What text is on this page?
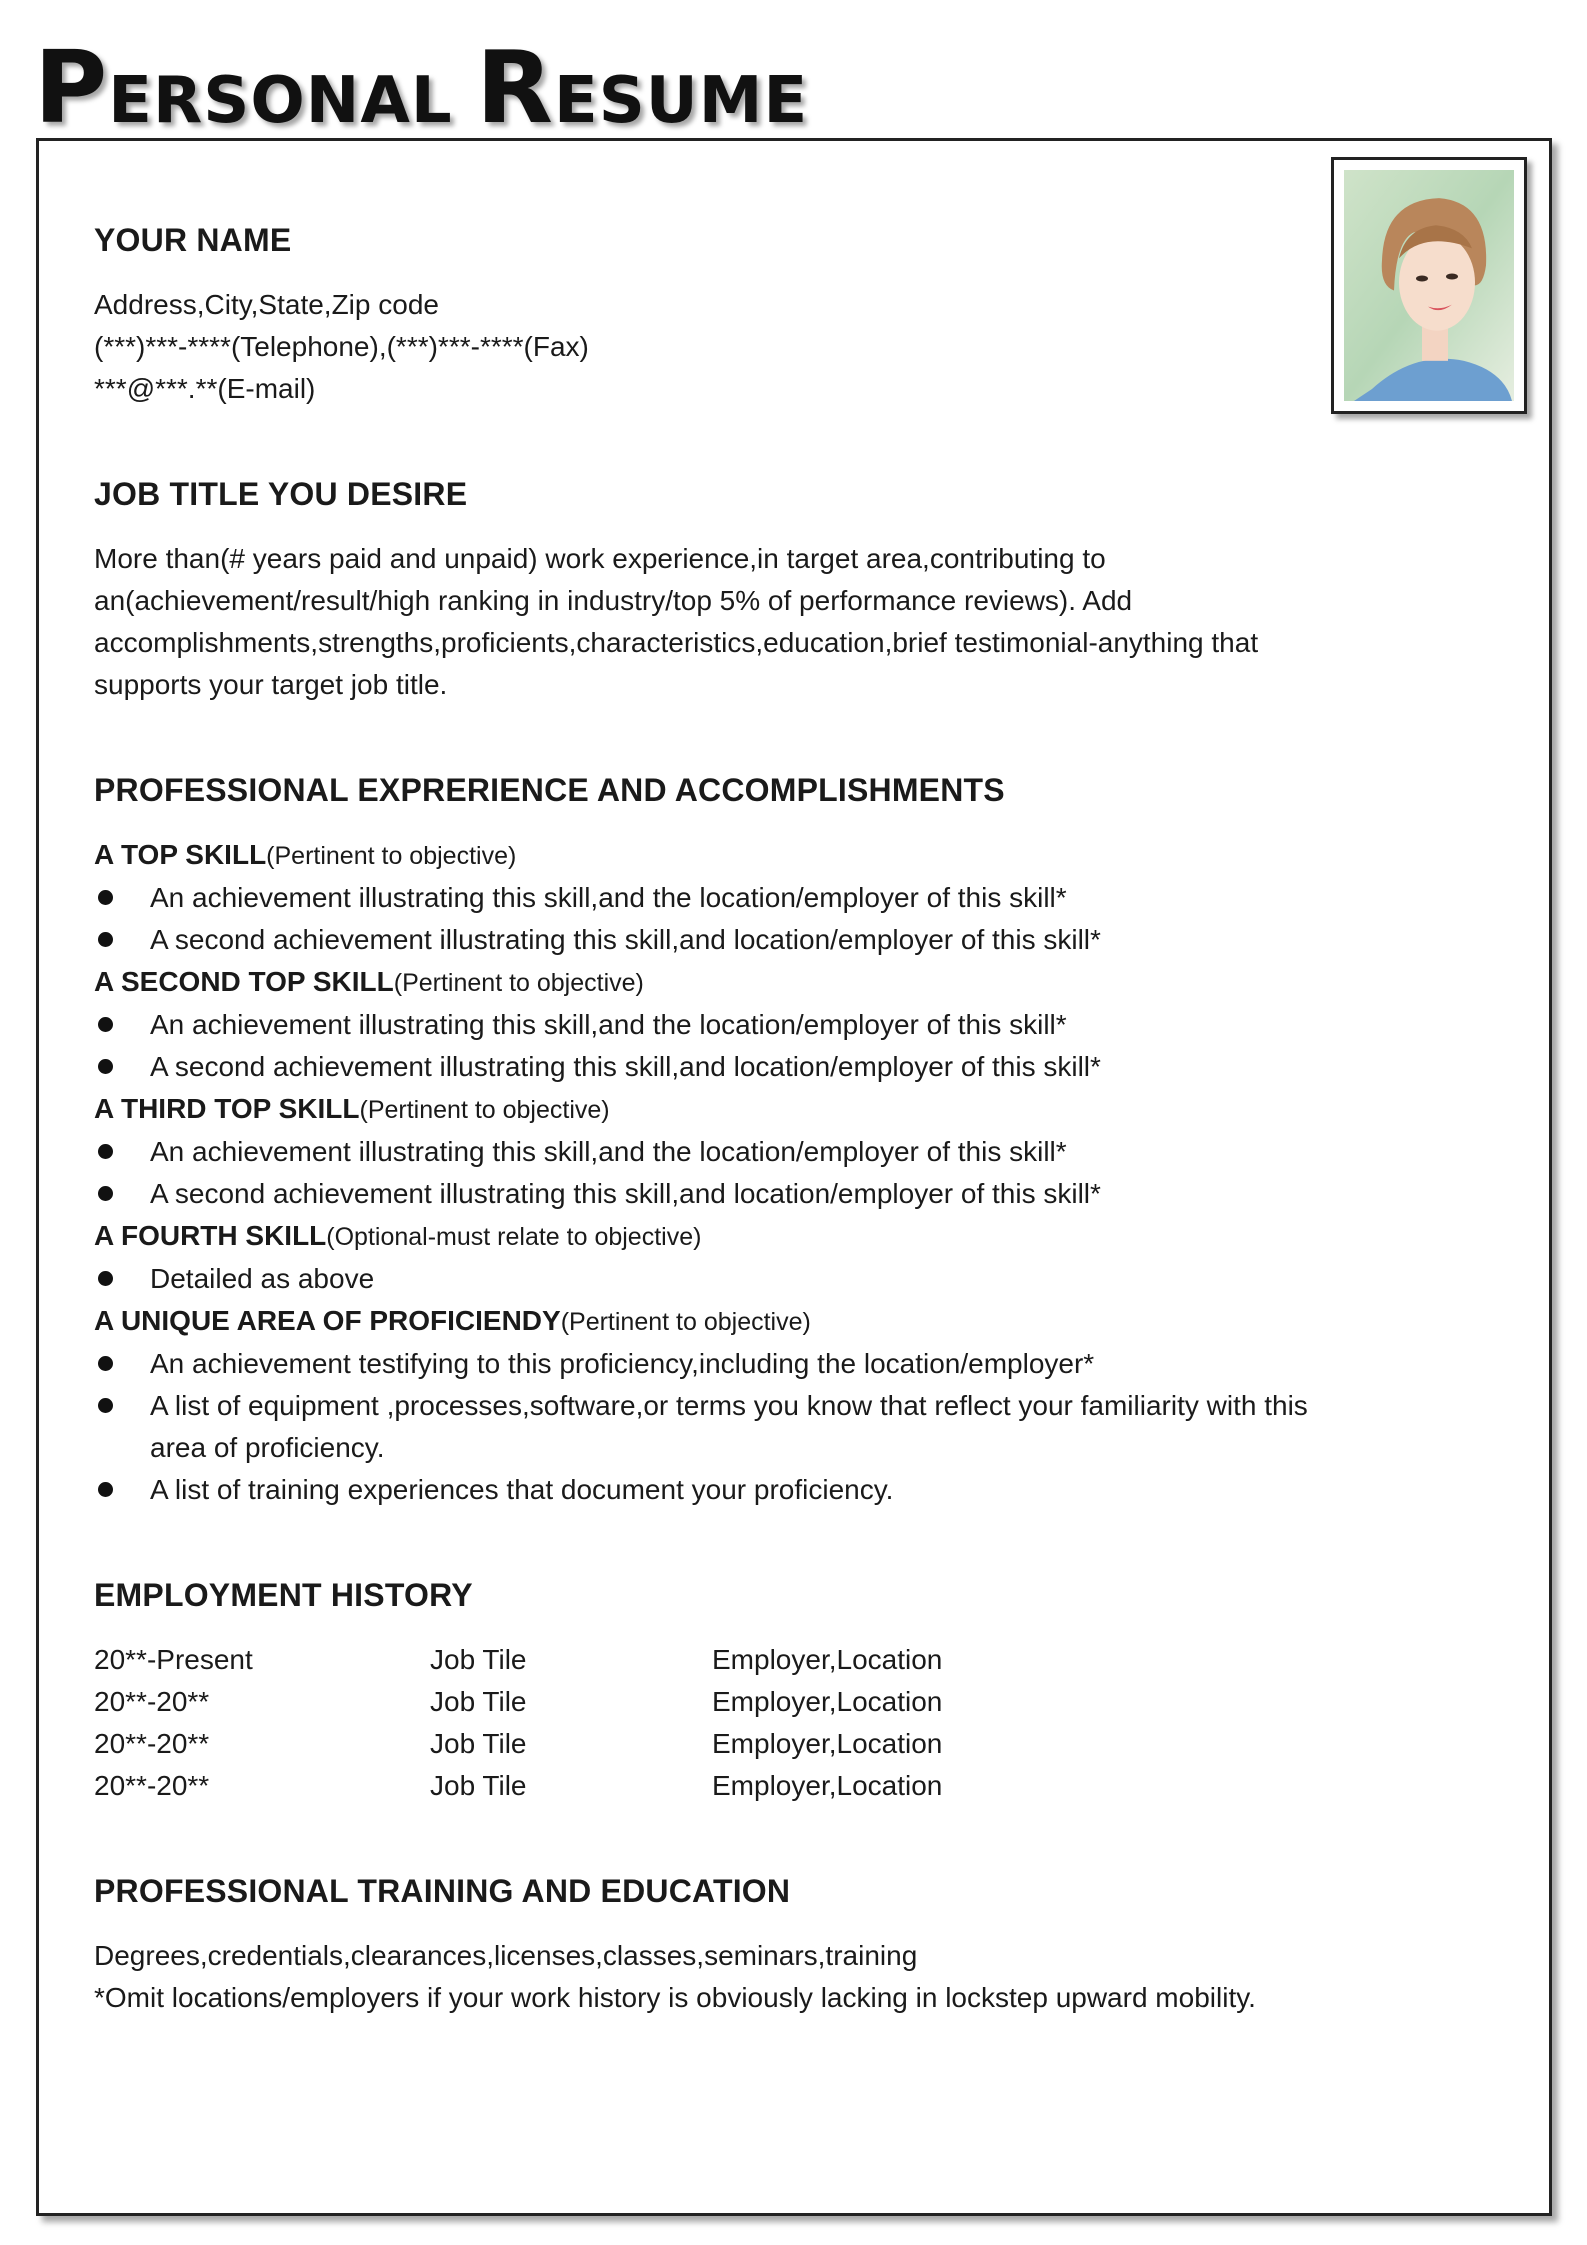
PERSONAL RESUME
YOUR NAME
Address,City,State,Zip code
(***)***-****(Telephone),(***)***-****(Fax)
***@***.**(E-mail)
JOB TITLE YOU DESIRE
More than(# years paid and unpaid) work experience,in target area,contributing to
an(achievement/result/high ranking in industry/top 5% of performance reviews). Add
accomplishments,strengths,proficients,characteristics,education,brief testimonial-anything that
supports your target job title.
PROFESSIONAL EXPRERIENCE AND ACCOMPLISHMENTS
A TOP SKILL(Pertinent to objective)
An achievement illustrating this skill,and the location/employer of this skill*
A second achievement illustrating this skill,and location/employer of this skill*
A SECOND TOP SKILL(Pertinent to objective)
An achievement illustrating this skill,and the location/employer of this skill*
A second achievement illustrating this skill,and location/employer of this skill*
A THIRD TOP SKILL(Pertinent to objective)
An achievement illustrating this skill,and the location/employer of this skill*
A second achievement illustrating this skill,and location/employer of this skill*
A FOURTH SKILL(Optional-must relate to objective)
Detailed as above
A UNIQUE AREA OF PROFICIENDY(Pertinent to objective)
An achievement testifying to this proficiency,including the location/employer*
A list of equipment ,processes,software,or terms you know that reflect your familiarity with this
area of proficiency.
A list of training experiences that document your proficiency.
EMPLOYMENT HISTORY
20**-Present	Job Tile	Employer,Location
20**-20**	Job Tile	Employer,Location
20**-20**	Job Tile	Employer,Location
20**-20**	Job Tile	Employer,Location
PROFESSIONAL TRAINING AND EDUCATION
Degrees,credentials,clearances,licenses,classes,seminars,training
*Omit locations/employers if your work history is obviously lacking in lockstep upward mobility.
